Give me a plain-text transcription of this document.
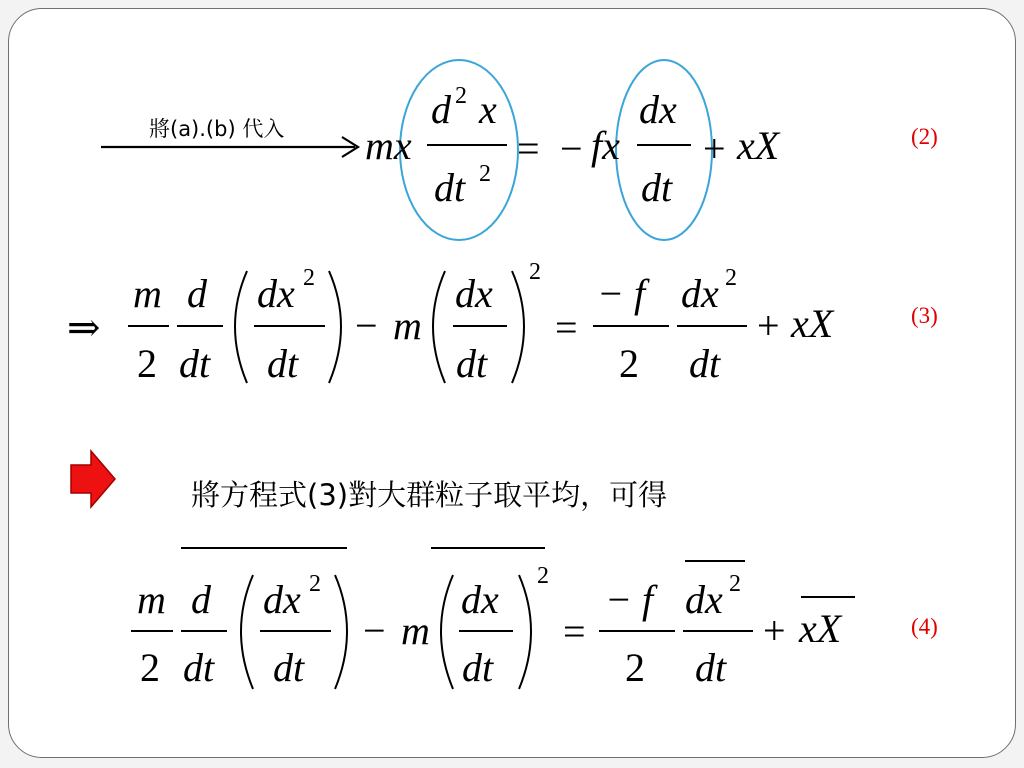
將(a).(b) 代入 mx
d 2 x
dt 2
= − fx
dx
dt
+ xX	(2)
⇒
m
2
d
dt
dx 2
dt
− m
dx
dt
2
=
− f
2
dx 2
dt
+ xX	(3)
將方程式(3)對大群粒子取平均，可得
m
2
d
dt
dx 2
dt
− m
dx
dt
2
=
− f
2
dx 2
dt
+ xX	(4)
